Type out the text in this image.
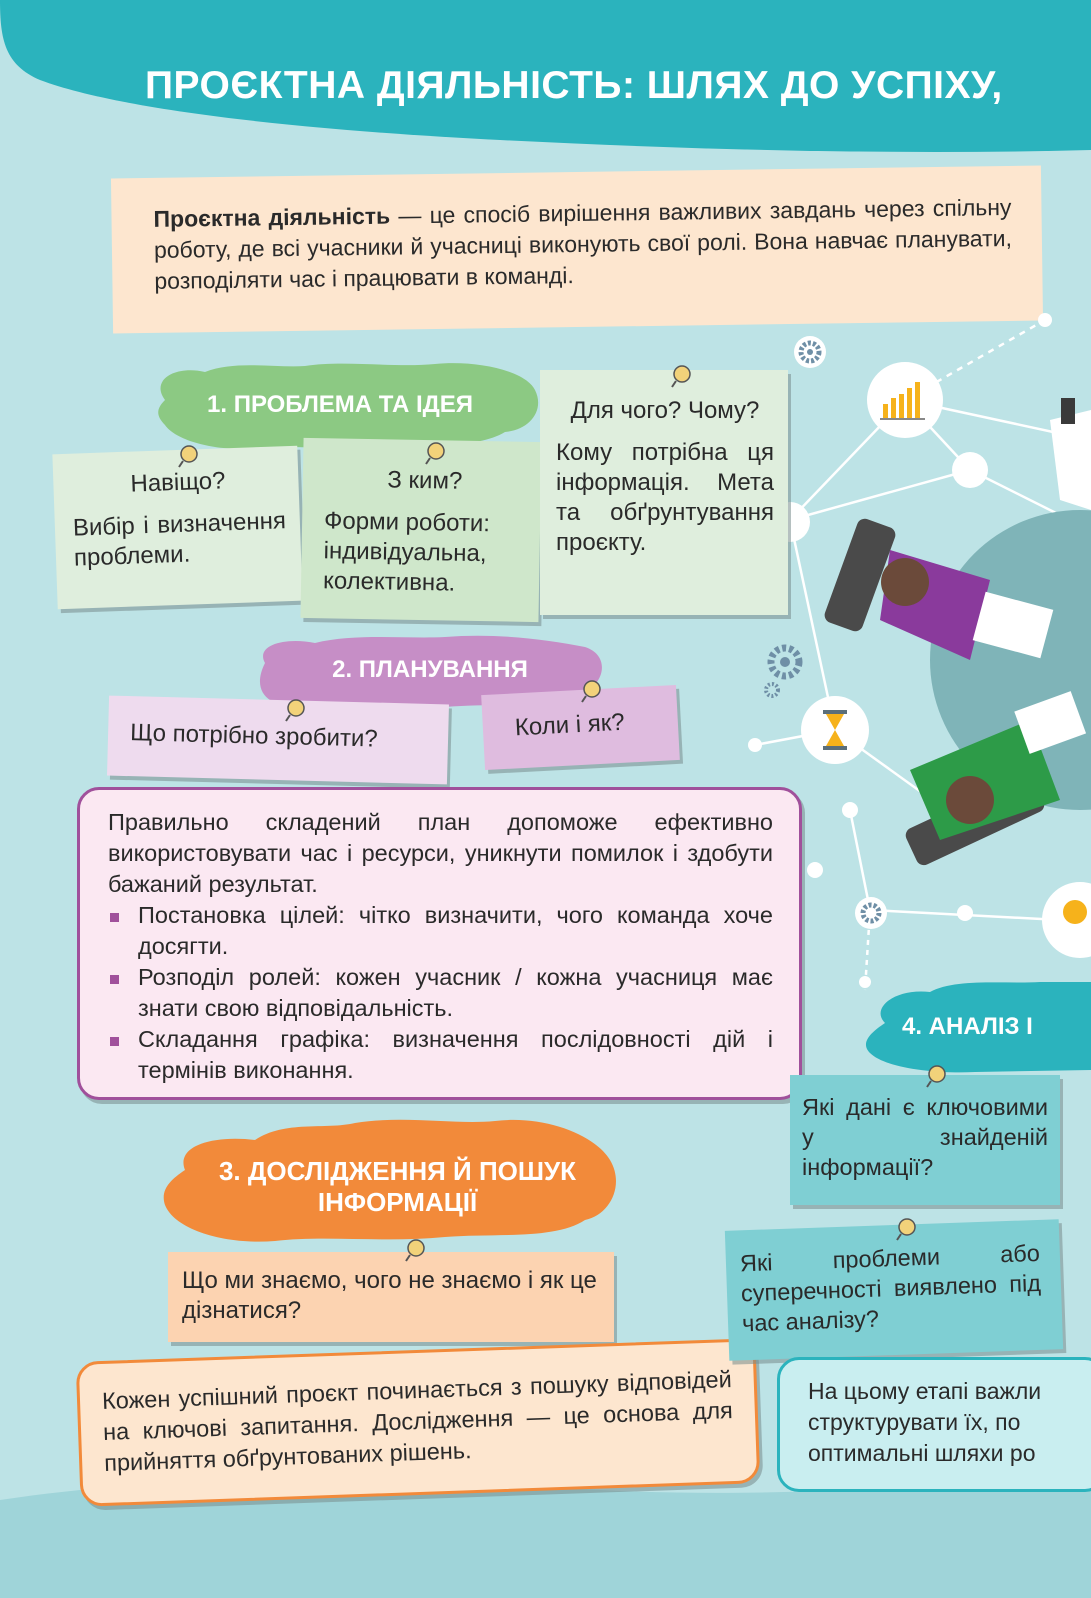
ПРОЄКТНА ДІЯЛЬНІСТЬ: ШЛЯХ ДО УСПІХУ,
Проєктна діяльність — це спосіб вирішення важливих завдань через спільну роботу, де всі учасники й учасниці виконують свої ролі. Вона навчає планувати, розподіляти час і працювати в команді.
1. ПРОБЛЕМА ТА ІДЕЯ
Навіщо?
Вибір і визначення проблеми.
З ким?
Форми роботи: індивідуальна, колективна.
Для чого? Чому?
Кому потрібна ця інформація. Мета та обґрунтування проєкту.
2. ПЛАНУВАННЯ
Що потрібно зробити?	Коли і як?
Правильно складений план допоможе ефективно використовувати час і ресурси, уникнути помилок і здобути бажаний результат.
Постановка цілей: чітко визначити, чого команда хоче досягти.
Розподіл ролей: кожен учасник / кожна учасниця має знати свою відповідальність.
Складання графіка: визначення послідовності дій і термінів виконання.
3. ДОСЛІДЖЕННЯ Й ПОШУК
ІНФОРМАЦІЇ
Що ми знаємо, чого не знаємо і як це дізнатися?
Кожен успішний проєкт починається з пошуку відповідей на ключові запитання. Дослідження — це основа для прийняття обґрунтованих рішень.
4. АНАЛІЗ І
Які дані є ключовими у знайденій інформації?
Які проблеми або суперечності виявлено під час аналізу?
На цьому етапі важли структурувати їх, по оптимальні шляхи ро
